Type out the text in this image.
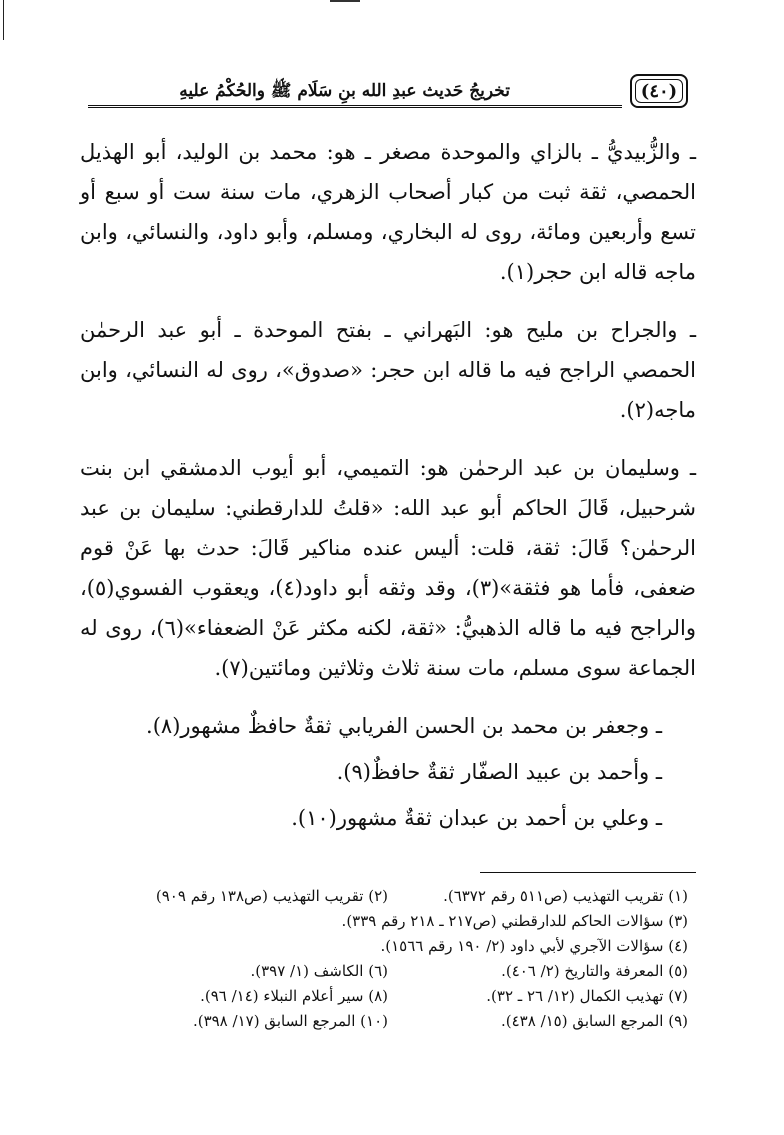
(٤٠)
تخريجُ حَديث عبدِ الله بنِ سَلَام ﷺ والحُكْمُ عليهِ

ـ والزُّبيديُّ ـ بالزاي والموحدة مصغر ـ هو: محمد بن الوليد، أبو الهذيل الحمصي، ثقة ثبت من كبار أصحاب الزهري، مات سنة ست أو سبع أو تسع وأربعين ومائة، روى له البخاري، ومسلم، وأبو داود، والنسائي، وابن ماجه قاله ابن حجر(١).

ـ والجراح بن مليح هو: البَهراني ـ بفتح الموحدة ـ أبو عبد الرحمٰن الحمصي الراجح فيه ما قاله ابن حجر: «صدوق»، روى له النسائي، وابن ماجه(٢).

ـ وسليمان بن عبد الرحمٰن هو: التميمي، أبو أيوب الدمشقي ابن بنت شرحبيل، قَالَ الحاكم أبو عبد الله: «قلتُ للدارقطني: سليمان بن عبد الرحمٰن؟ قَالَ: ثقة، قلت: أليس عنده مناكير قَالَ: حدث بها عَنْ قوم ضعفى، فأما هو فثقة»(٣)، وقد وثقه أبو داود(٤)، ويعقوب الفسوي(٥)، والراجح فيه ما قاله الذهبيُّ: «ثقة، لكنه مكثر عَنْ الضعفاء»(٦)، روى له الجماعة سوى مسلم، مات سنة ثلاث وثلاثين ومائتين(٧).

ـ وجعفر بن محمد بن الحسن الفريابي ثقةٌ حافظٌ مشهور(٨).

ـ وأحمد بن عبيد الصفّار ثقةٌ حافظٌ(٩).

ـ وعلي بن أحمد بن عبدان ثقةٌ مشهور(١٠).

(١) تقريب التهذيب (ص٥١١ رقم ٦٣٧٢).
(٢) تقريب التهذيب (ص١٣٨ رقم ٩٠٩)
(٣) سؤالات الحاكم للدارقطني (ص٢١٧ ـ ٢١٨ رقم ٣٣٩).
(٤) سؤالات الآجري لأبي داود (٢/ ١٩٠ رقم ١٥٦٦).
(٥) المعرفة والتاريخ (٢/ ٤٠٦).
(٦) الكاشف (١/ ٣٩٧).
(٧) تهذيب الكمال (١٢/ ٢٦ ـ ٣٢).
(٨) سير أعلام النبلاء (١٤/ ٩٦).
(٩) المرجع السابق (١٥/ ٤٣٨).
(١٠) المرجع السابق (١٧/ ٣٩٨).
